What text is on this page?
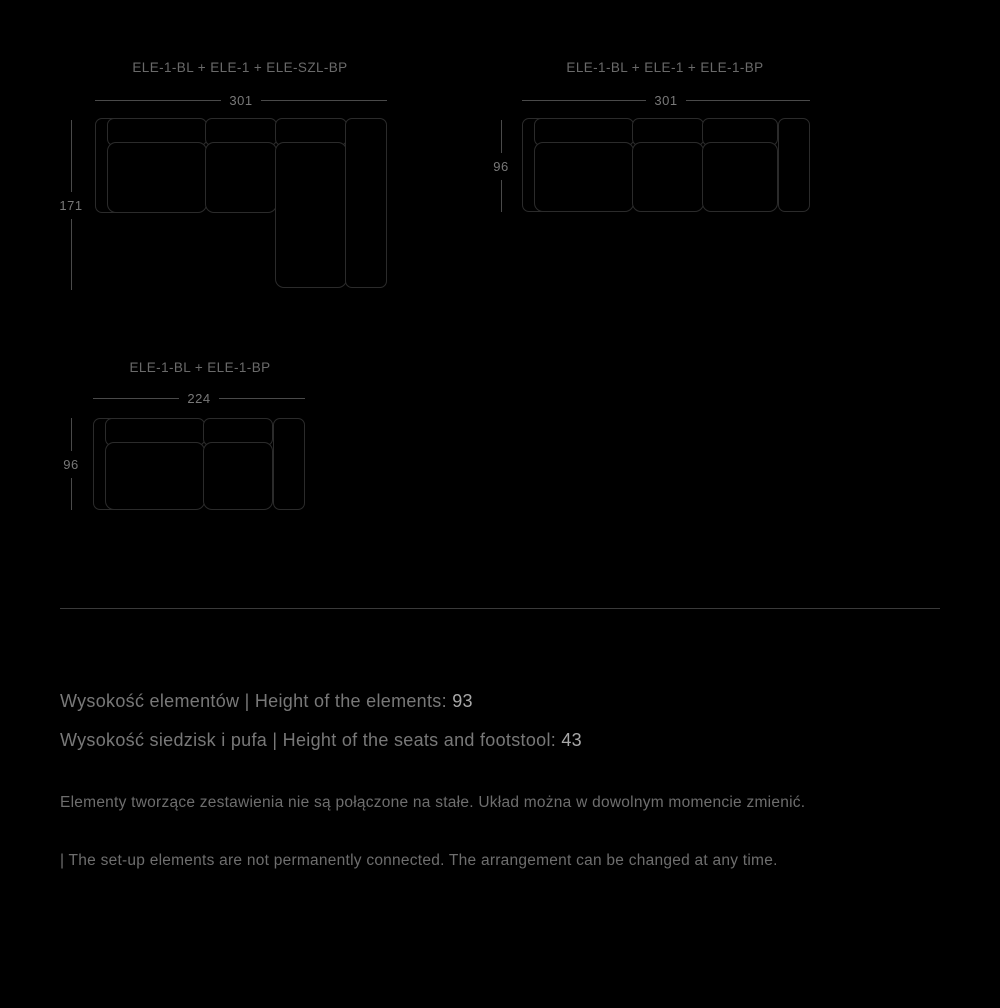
ELE-1-BL + ELE-1 + ELE-SZL-BP
301
171
ELE-1-BL + ELE-1 + ELE-1-BP
301
96
ELE-1-BL + ELE-1-BP
224
96
Wysokość elementów | Height of the elements: 93
Wysokość siedzisk i pufa | Height of the seats and footstool: 43
Elementy tworzące zestawienia nie są połączone na stałe. Układ można w dowolnym momencie zmienić.
| The set-up elements are not permanently connected. The arrangement can be changed at any time.
